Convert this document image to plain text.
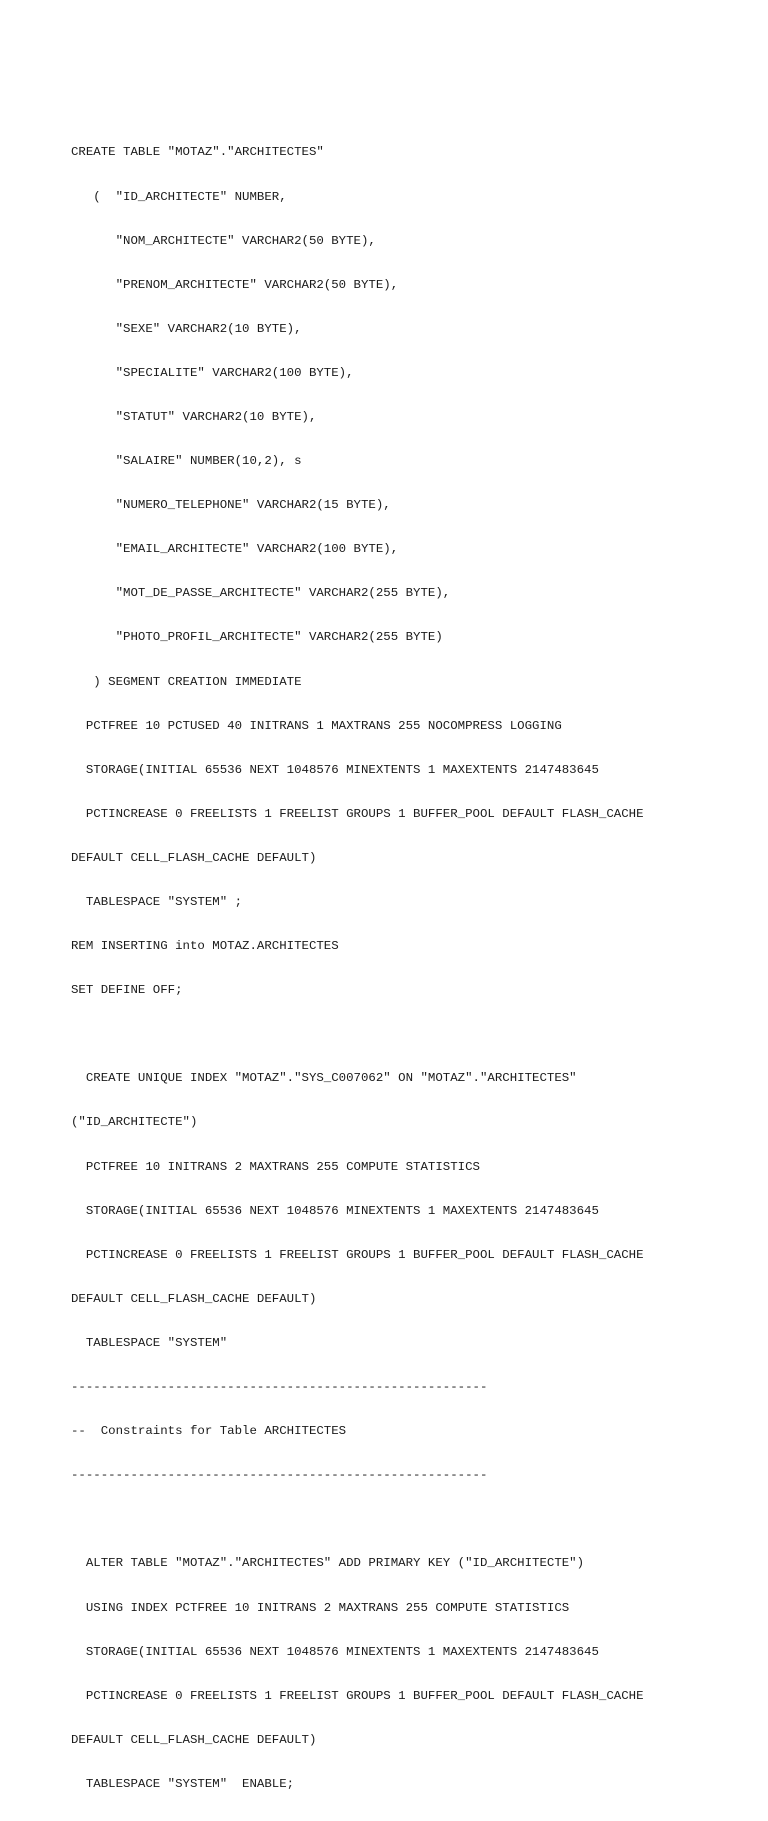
CREATE TABLE "MOTAZ"."ARCHITECTES"

(  "ID_ARCHITECTE" NUMBER,

"NOM_ARCHITECTE" VARCHAR2(50 BYTE),

"PRENOM_ARCHITECTE" VARCHAR2(50 BYTE),

"SEXE" VARCHAR2(10 BYTE),

"SPECIALITE" VARCHAR2(100 BYTE),

"STATUT" VARCHAR2(10 BYTE),

"SALAIRE" NUMBER(10,2), s

"NUMERO_TELEPHONE" VARCHAR2(15 BYTE),

"EMAIL_ARCHITECTE" VARCHAR2(100 BYTE),

"MOT_DE_PASSE_ARCHITECTE" VARCHAR2(255 BYTE),

"PHOTO_PROFIL_ARCHITECTE" VARCHAR2(255 BYTE)

) SEGMENT CREATION IMMEDIATE

PCTFREE 10 PCTUSED 40 INITRANS 1 MAXTRANS 255 NOCOMPRESS LOGGING

STORAGE(INITIAL 65536 NEXT 1048576 MINEXTENTS 1 MAXEXTENTS 2147483645

PCTINCREASE 0 FREELISTS 1 FREELIST GROUPS 1 BUFFER_POOL DEFAULT FLASH_CACHE

DEFAULT CELL_FLASH_CACHE DEFAULT)

TABLESPACE "SYSTEM" ;

REM INSERTING into MOTAZ.ARCHITECTES

SET DEFINE OFF;

CREATE UNIQUE INDEX "MOTAZ"."SYS_C007062" ON "MOTAZ"."ARCHITECTES"

("ID_ARCHITECTE")

PCTFREE 10 INITRANS 2 MAXTRANS 255 COMPUTE STATISTICS

STORAGE(INITIAL 65536 NEXT 1048576 MINEXTENTS 1 MAXEXTENTS 2147483645

PCTINCREASE 0 FREELISTS 1 FREELIST GROUPS 1 BUFFER_POOL DEFAULT FLASH_CACHE

DEFAULT CELL_FLASH_CACHE DEFAULT)

TABLESPACE "SYSTEM"

--------------------------------------------------------

--  Constraints for Table ARCHITECTES

--------------------------------------------------------

ALTER TABLE "MOTAZ"."ARCHITECTES" ADD PRIMARY KEY ("ID_ARCHITECTE")

USING INDEX PCTFREE 10 INITRANS 2 MAXTRANS 255 COMPUTE STATISTICS

STORAGE(INITIAL 65536 NEXT 1048576 MINEXTENTS 1 MAXEXTENTS 2147483645

PCTINCREASE 0 FREELISTS 1 FREELIST GROUPS 1 BUFFER_POOL DEFAULT FLASH_CACHE

DEFAULT CELL_FLASH_CACHE DEFAULT)

TABLESPACE "SYSTEM"  ENABLE;
